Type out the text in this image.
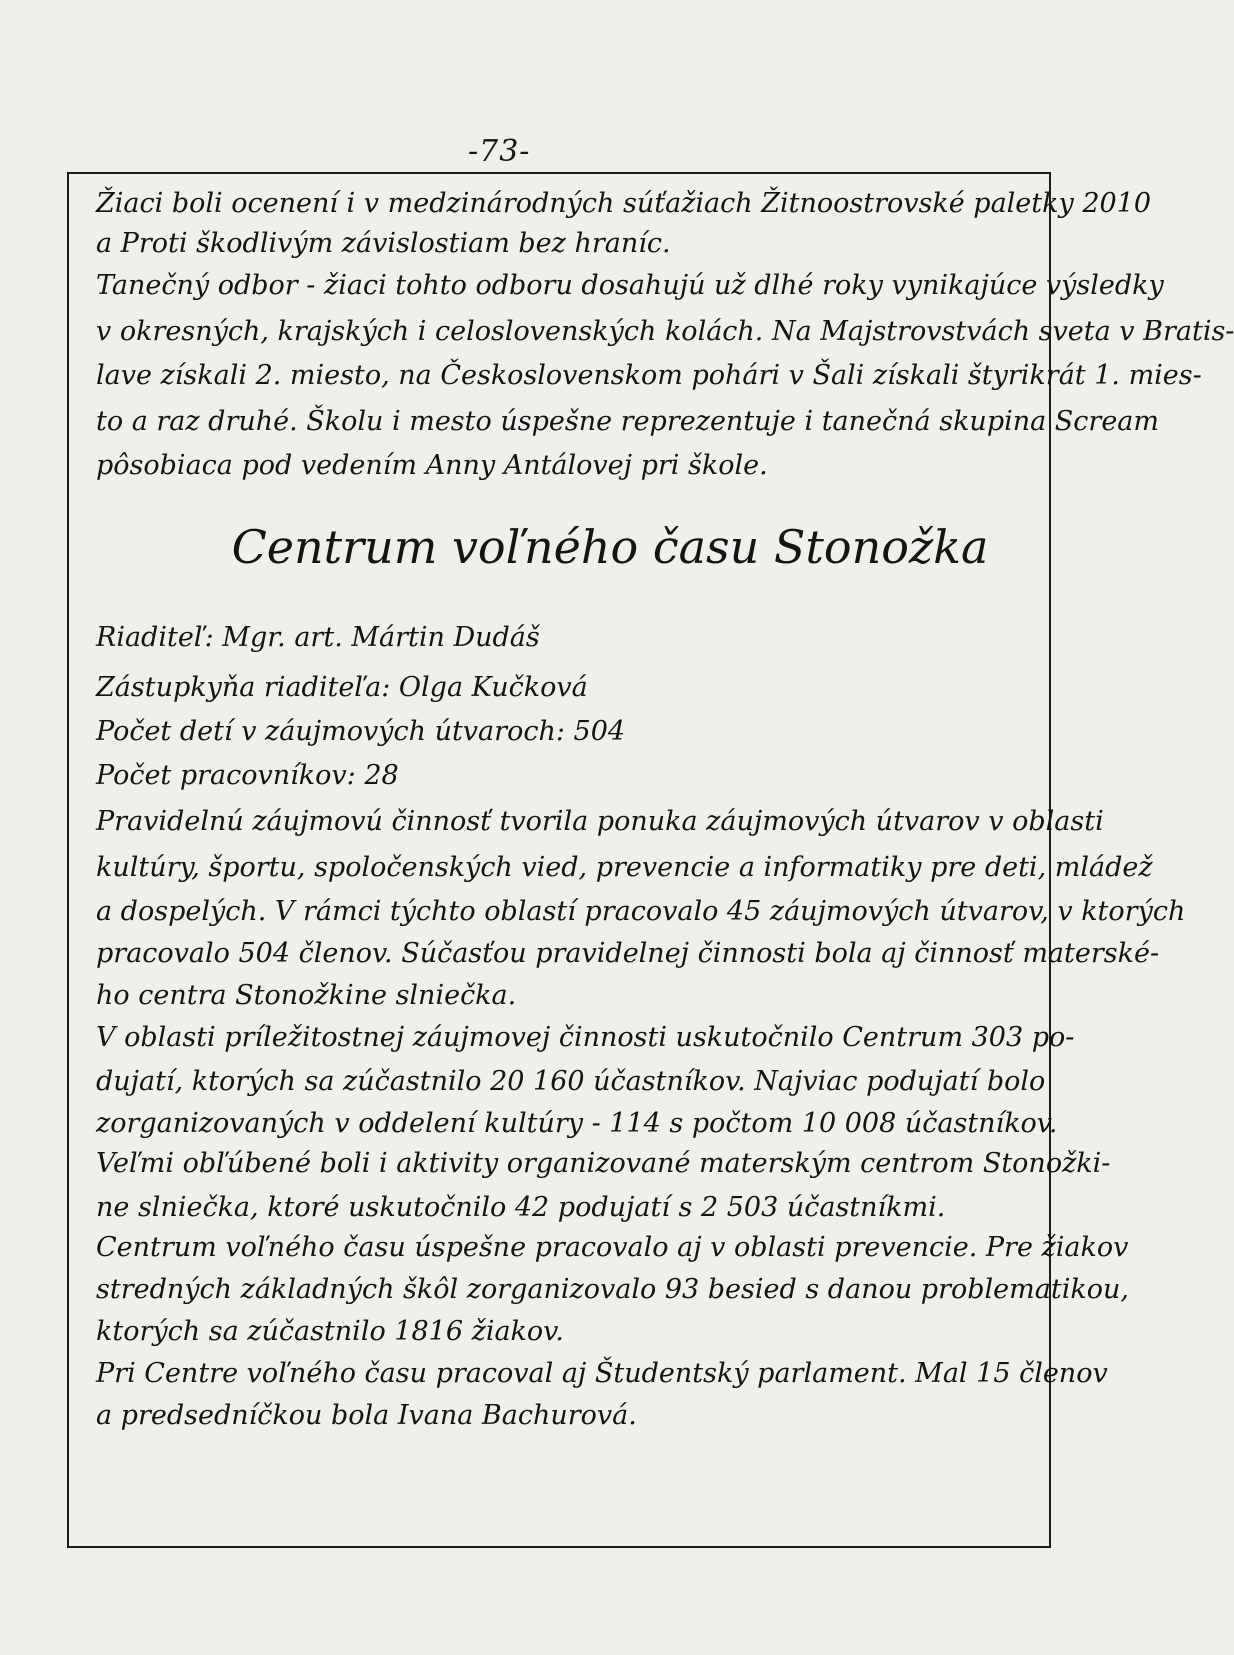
-73-
Žiaci boli ocenení i v medzinárodných súťažiach Žitnoostrovské paletky 2010
a Proti škodlivým závislostiam bez hraníc.
Tanečný odbor - žiaci tohto odboru dosahujú už dlhé roky vynikajúce výsledky
v okresných, krajských i celoslovenských kolách. Na Majstrovstvách sveta v Bratis-
lave získali 2. miesto, na Československom pohári v Šali získali štyrikrát 1. mies-
to a raz druhé. Školu i mesto úspešne reprezentuje i tanečná skupina Scream
pôsobiaca pod vedením Anny Antálovej pri škole.
Centrum voľného času Stonožka
Riaditeľ: Mgr. art. Mártin Dudáš
Zástupkyňa riaditeľa: Olga Kučková
Počet detí v záujmových útvaroch: 504
Počet pracovníkov: 28
Pravidelnú záujmovú činnosť tvorila ponuka záujmových útvarov v oblasti
kultúry, športu, spoločenských vied, prevencie a informatiky pre deti, mládež
a dospelých. V rámci týchto oblastí pracovalo 45 záujmových útvarov, v ktorých
pracovalo 504 členov. Súčasťou pravidelnej činnosti bola aj činnosť materské-
ho centra Stonožkine slniečka.
V oblasti príležitostnej záujmovej činnosti uskutočnilo Centrum 303 po-
dujatí, ktorých sa zúčastnilo 20 160 účastníkov. Najviac podujatí bolo
zorganizovaných v oddelení kultúry - 114 s počtom 10 008 účastníkov.
Veľmi obľúbené boli i aktivity organizované materským centrom Stonožki-
ne slniečka, ktoré uskutočnilo 42 podujatí s 2 503 účastníkmi.
Centrum voľného času úspešne pracovalo aj v oblasti prevencie. Pre žiakov
stredných základných škôl zorganizovalo 93 besied s danou problematikou,
ktorých sa zúčastnilo 1816 žiakov.
Pri Centre voľného času pracoval aj Študentský parlament. Mal 15 členov
a predsedníčkou bola Ivana Bachurová.
